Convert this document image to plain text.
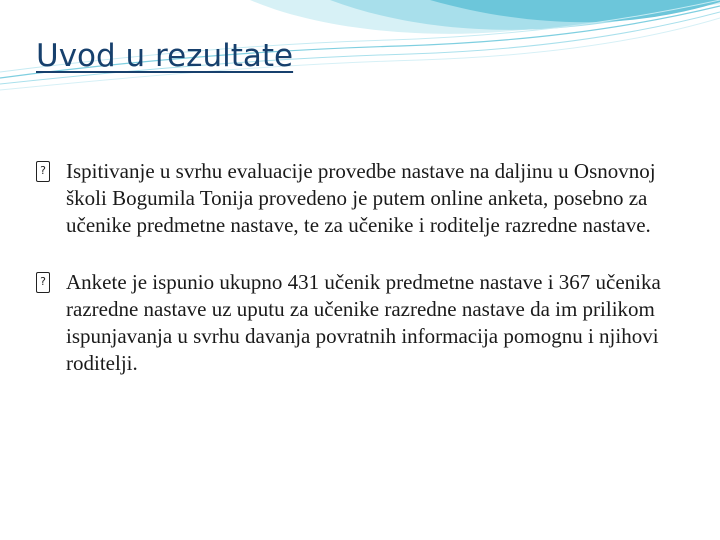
Uvod u rezultate
? Ispitivanje u svrhu evaluacije provedbe nastave na daljinu u Osnovnoj školi Bogumila Tonija provedeno je putem online anketa, posebno za učenike predmetne nastave, te za učenike i roditelje razredne nastave.
? Ankete je ispunio ukupno 431 učenik predmetne nastave i 367 učenika razredne nastave uz uputu za učenike razredne nastave da im prilikom ispunjavanja u svrhu davanja povratnih informacija pomognu i njihovi roditelji.
